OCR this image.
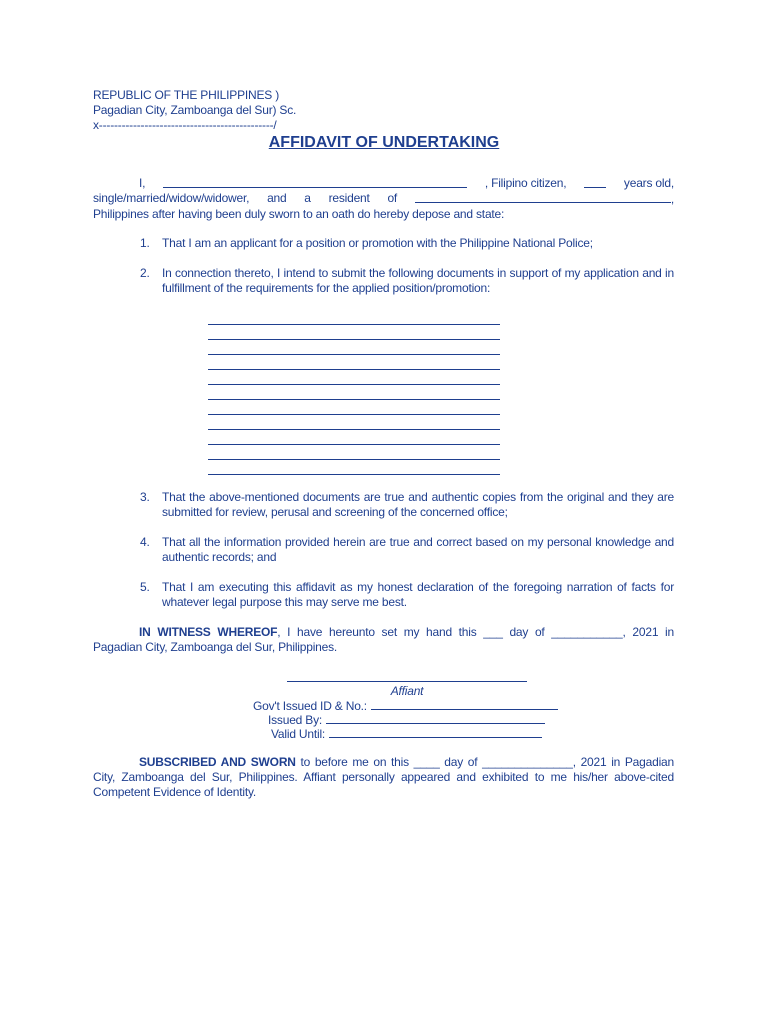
REPUBLIC OF THE PHILIPPINES )

Pagadian City, Zamboanga del Sur) Sc.

x----------------------------------------------/

AFFIDAVIT OF UNDERTAKING

I,	, Filipino citizen,	years old,

single/married/widow/widower, and a resident of	,

Philippines after having been duly sworn to an oath do hereby depose and state:

1. That I am an applicant for a position or promotion with the Philippine National Police;

2. In connection thereto, I intend to submit the following documents in support of my application and in fulfillment of the requirements for the applied position/promotion:

3. That the above-mentioned documents are true and authentic copies from the original and they are submitted for review, perusal and screening of the concerned office;

4. That all the information provided herein are true and correct based on my personal knowledge and authentic records; and

5. That I am executing this affidavit as my honest declaration of the foregoing narration of facts for whatever legal purpose this may serve me best.

IN WITNESS WHEREOF, I have hereunto set my hand this ___ day of ___________, 2021 in

Pagadian City, Zamboanga del Sur, Philippines.

Affiant

Gov't Issued ID & No.:

Issued By:

Valid Until:

SUBSCRIBED AND SWORN to before me on this ____ day of ______________, 2021 in Pagadian

City, Zamboanga del Sur, Philippines. Affiant personally appeared and exhibited to me his/her above-cited

Competent Evidence of Identity.
